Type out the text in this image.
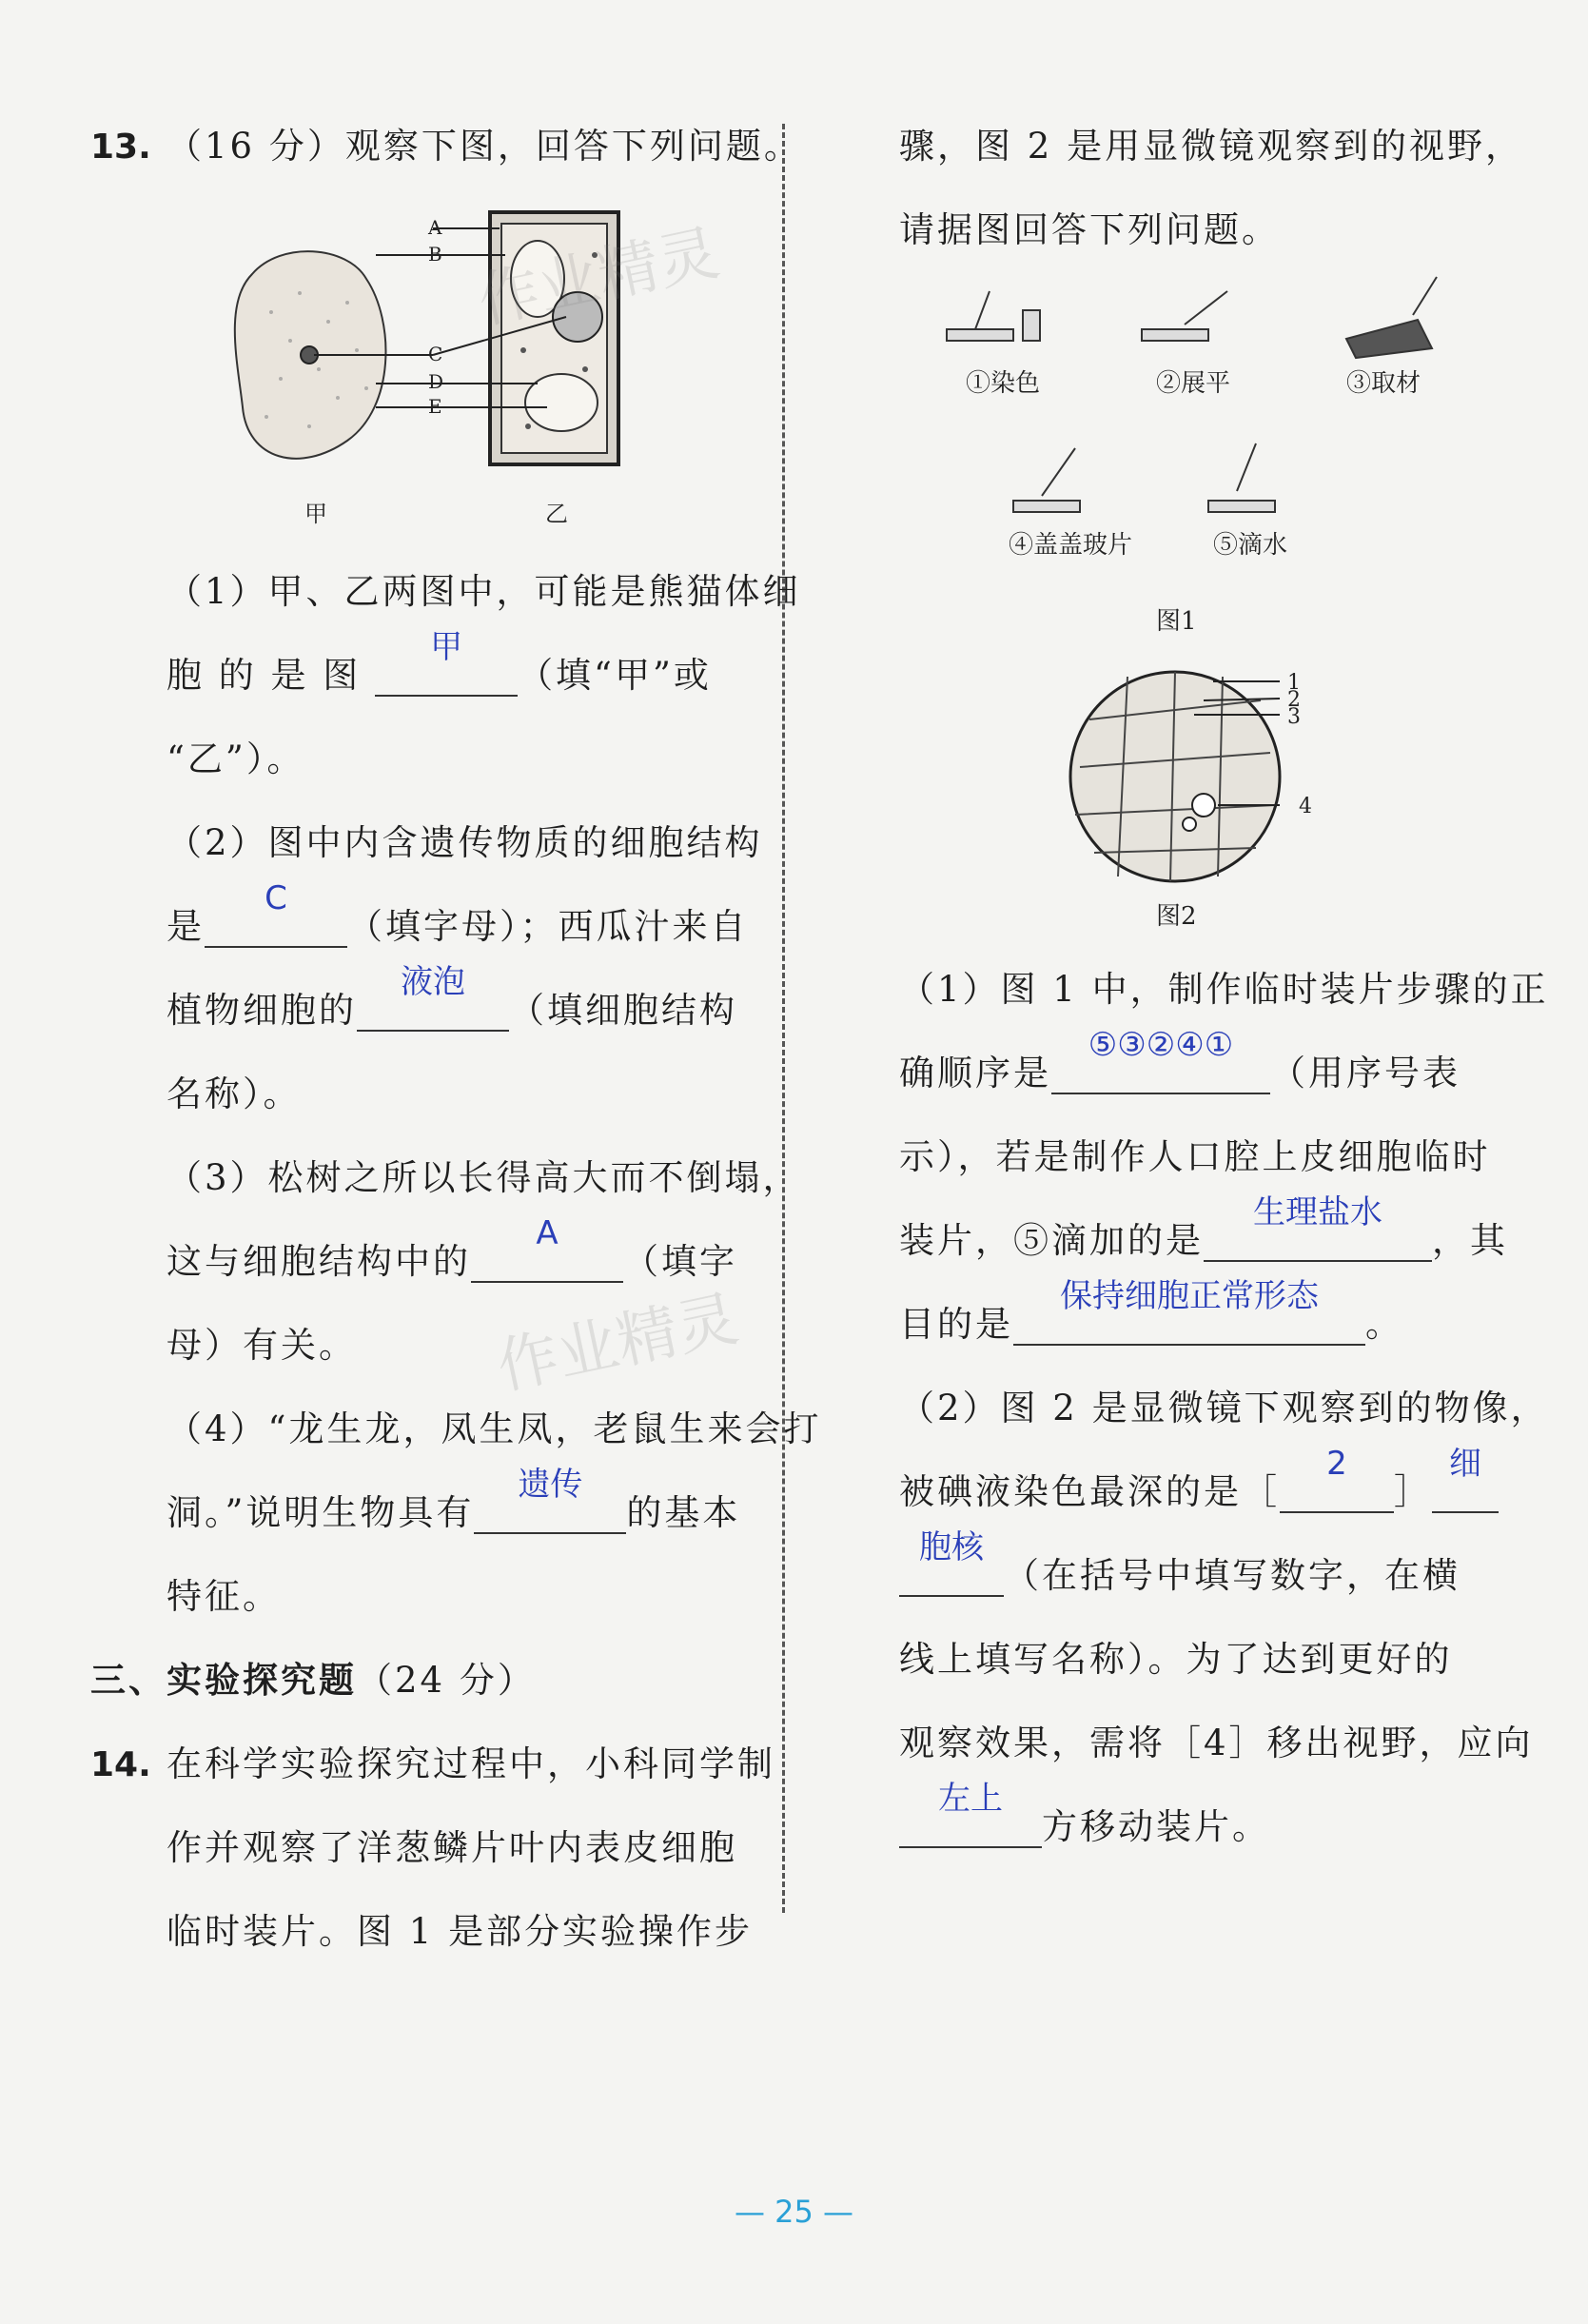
13. （16 分）观察下图，回答下列问题。
A
B
C
D
E
甲	乙
（1）甲、乙两图中，可能是熊猫体细
胞 的 是 图
甲
（填“甲”或
“乙”）。
（2）图中内含遗传物质的细胞结构
是
C
（填字母）；西瓜汁来自
植物细胞的
液泡
（填细胞结构
名称）。
（3）松树之所以长得高大而不倒塌，
这与细胞结构中的
A
（填字
母）有关。
（4）“龙生龙，凤生凤，老鼠生来会打
洞。”说明生物具有
遗传
的基本
特征。
三、实验探究题（24 分）
14. 在科学实验探究过程中，小科同学制
作并观察了洋葱鳞片叶内表皮细胞
临时装片。图 1 是部分实验操作步
骤，图 2 是用显微镜观察到的视野，
请据图回答下列问题。
①染色	②展平	③取材
④盖盖玻片	⑤滴水
图1
1
2
3
4
图2
（1）图 1 中，制作临时装片步骤的正
确顺序是
⑤③②④①
（用序号表
示），若是制作人口腔上皮细胞临时
装片，⑤滴加的是
生理盐水
，其
目的是
保持细胞正常形态
。
（2）图 2 是显微镜下观察到的物像，
被碘液染色最深的是［
2
］
细
胞核
（在括号中填写数字，在横
线上填写名称）。为了达到更好的
观察效果，需将［4］移出视野，应向
左上
方移动装片。
作业精灵
— 25 —
